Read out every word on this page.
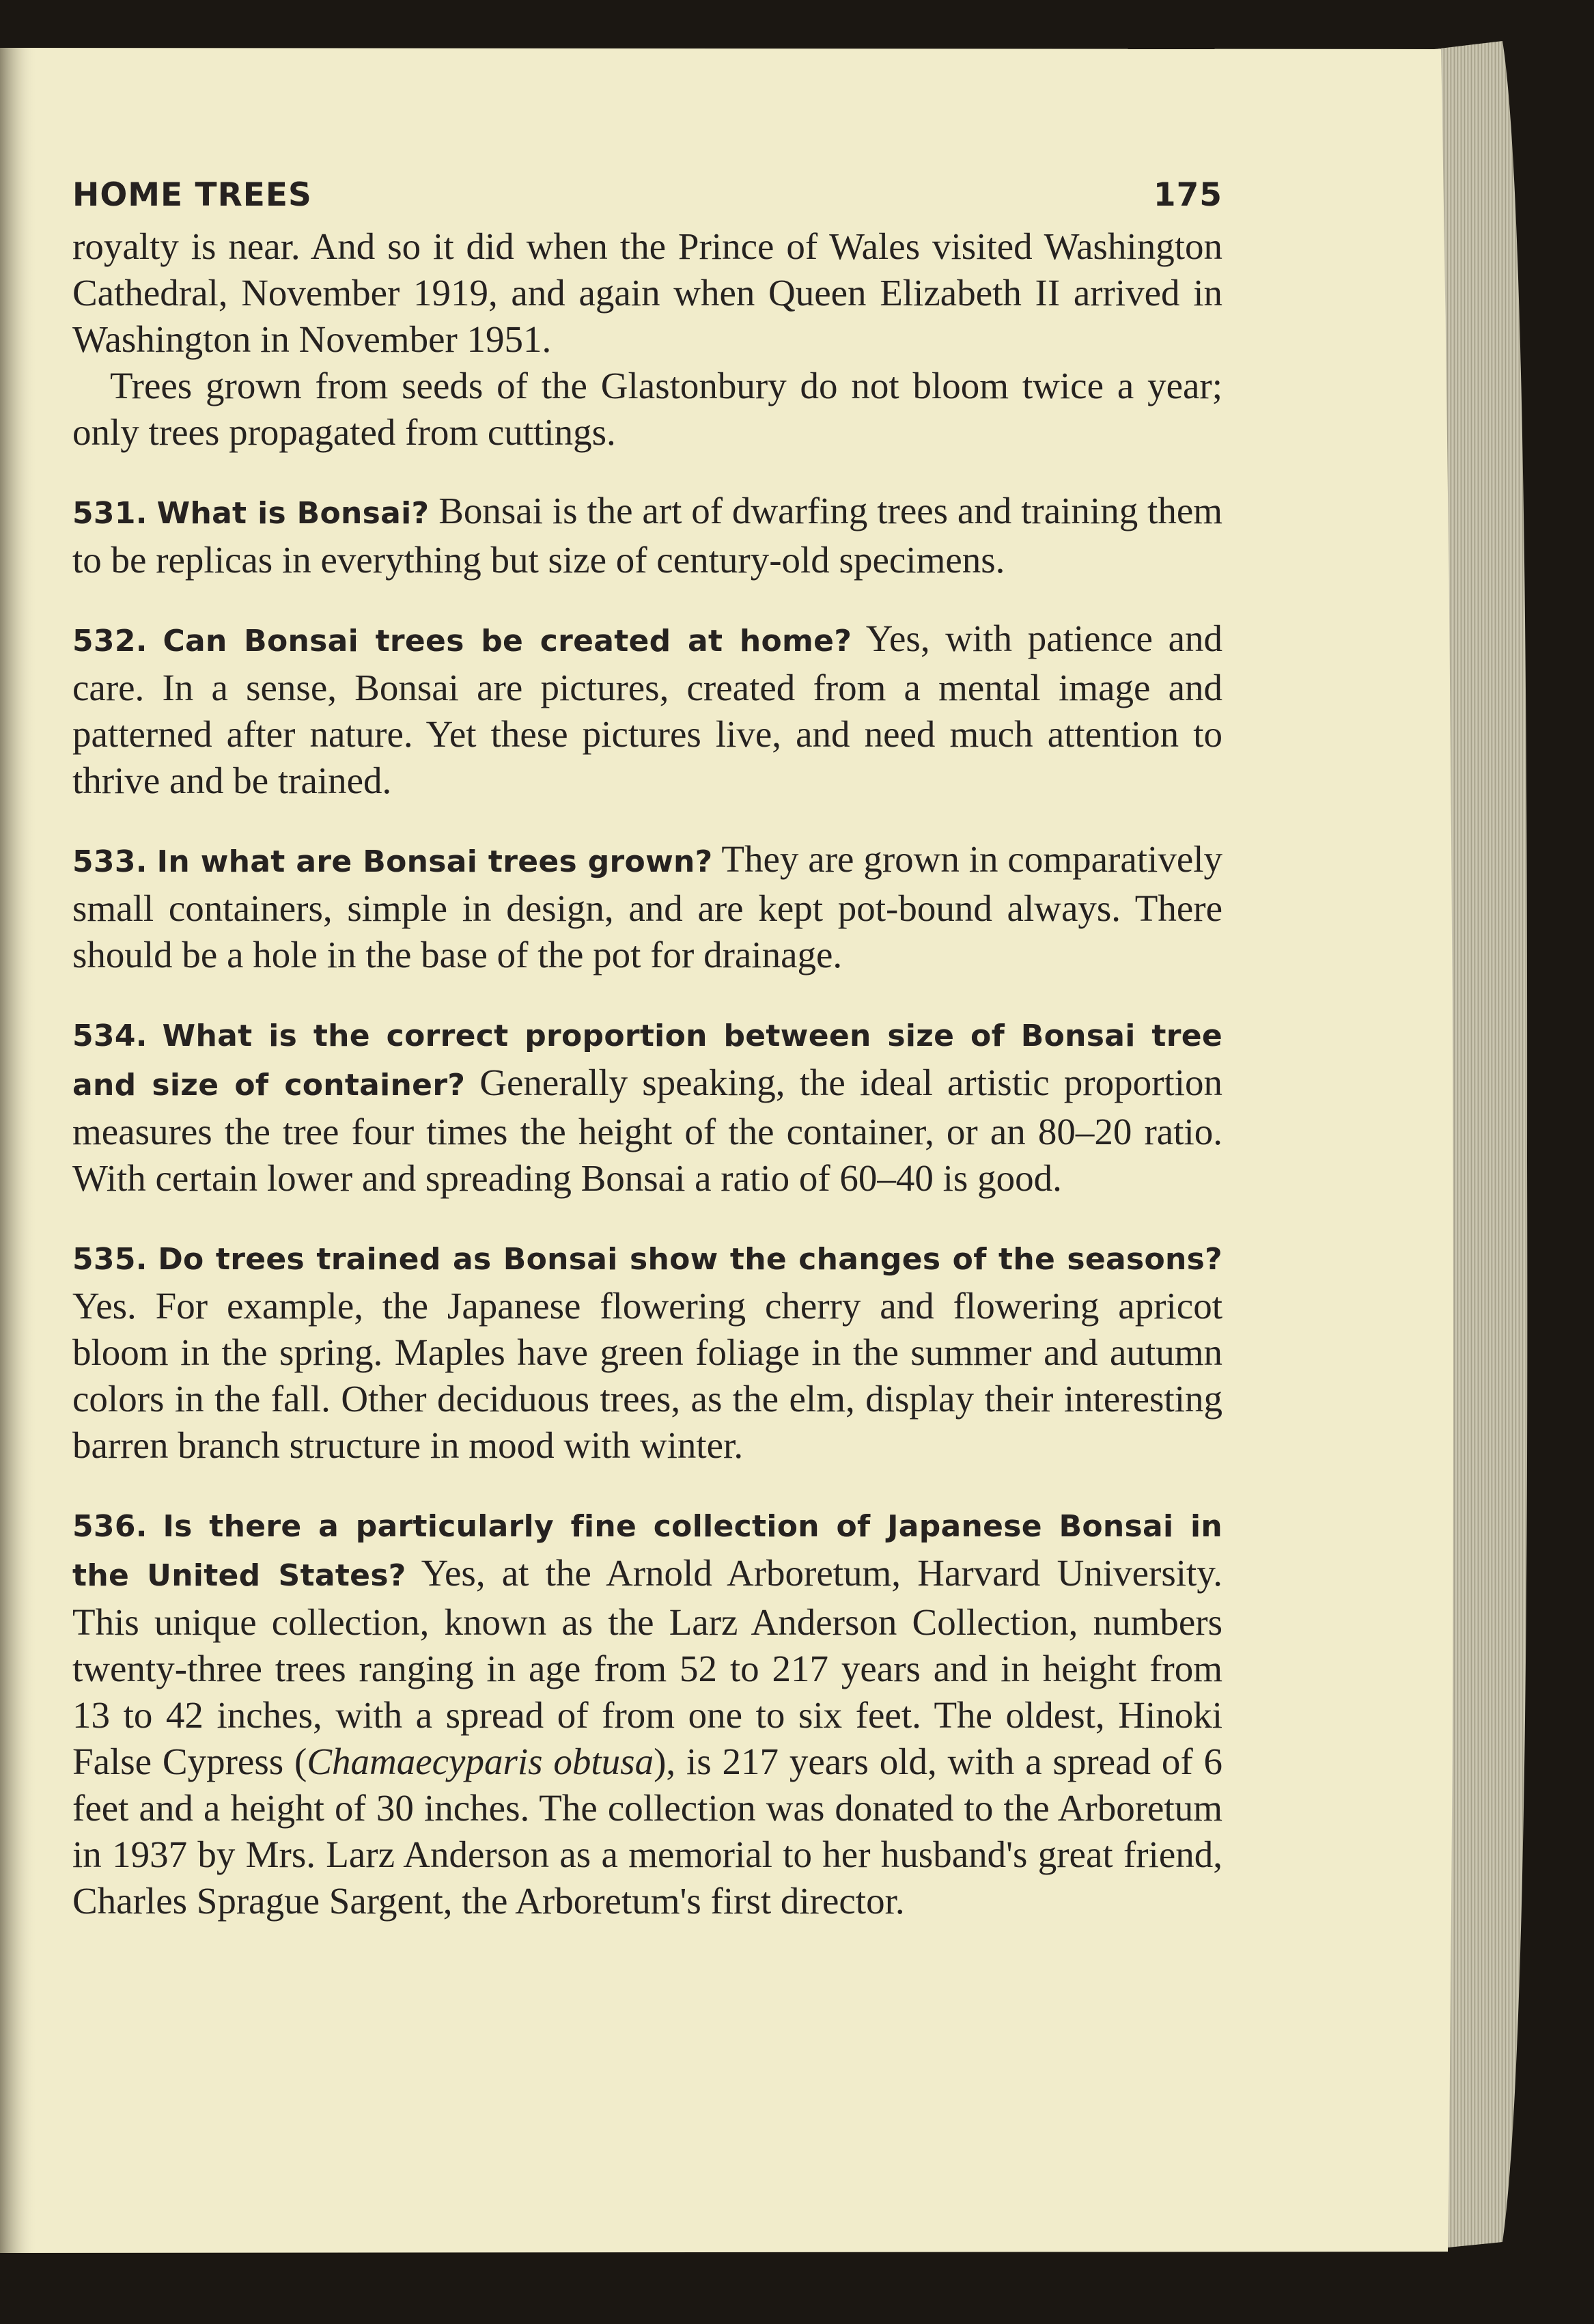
HOME TREES	175

royalty is near. And so it did when the Prince of Wales visited Washington Cathedral, November 1919, and again when Queen Elizabeth II arrived in Washington in November 1951.

Trees grown from seeds of the Glastonbury do not bloom twice a year; only trees propagated from cuttings.

531. What is Bonsai? Bonsai is the art of dwarfing trees and training them to be replicas in everything but size of century-old specimens.

532. Can Bonsai trees be created at home? Yes, with patience and care. In a sense, Bonsai are pictures, created from a mental image and patterned after nature. Yet these pictures live, and need much attention to thrive and be trained.

533. In what are Bonsai trees grown? They are grown in comparatively small containers, simple in design, and are kept pot-bound always. There should be a hole in the base of the pot for drainage.

534. What is the correct proportion between size of Bonsai tree and size of container? Generally speaking, the ideal artistic proportion measures the tree four times the height of the container, or an 80–20 ratio. With certain lower and spreading Bonsai a ratio of 60–40 is good.

535. Do trees trained as Bonsai show the changes of the seasons? Yes. For example, the Japanese flowering cherry and flowering apricot bloom in the spring. Maples have green foliage in the summer and autumn colors in the fall. Other deciduous trees, as the elm, display their interesting barren branch structure in mood with winter.

536. Is there a particularly fine collection of Japanese Bonsai in the United States? Yes, at the Arnold Arboretum, Harvard University. This unique collection, known as the Larz Anderson Collection, numbers twenty-three trees ranging in age from 52 to 217 years and in height from 13 to 42 inches, with a spread of from one to six feet. The oldest, Hinoki False Cypress (Chamaecyparis obtusa), is 217 years old, with a spread of 6 feet and a height of 30 inches. The collection was donated to the Arboretum in 1937 by Mrs. Larz Anderson as a memorial to her husband's great friend, Charles Sprague Sargent, the Arboretum's first director.
